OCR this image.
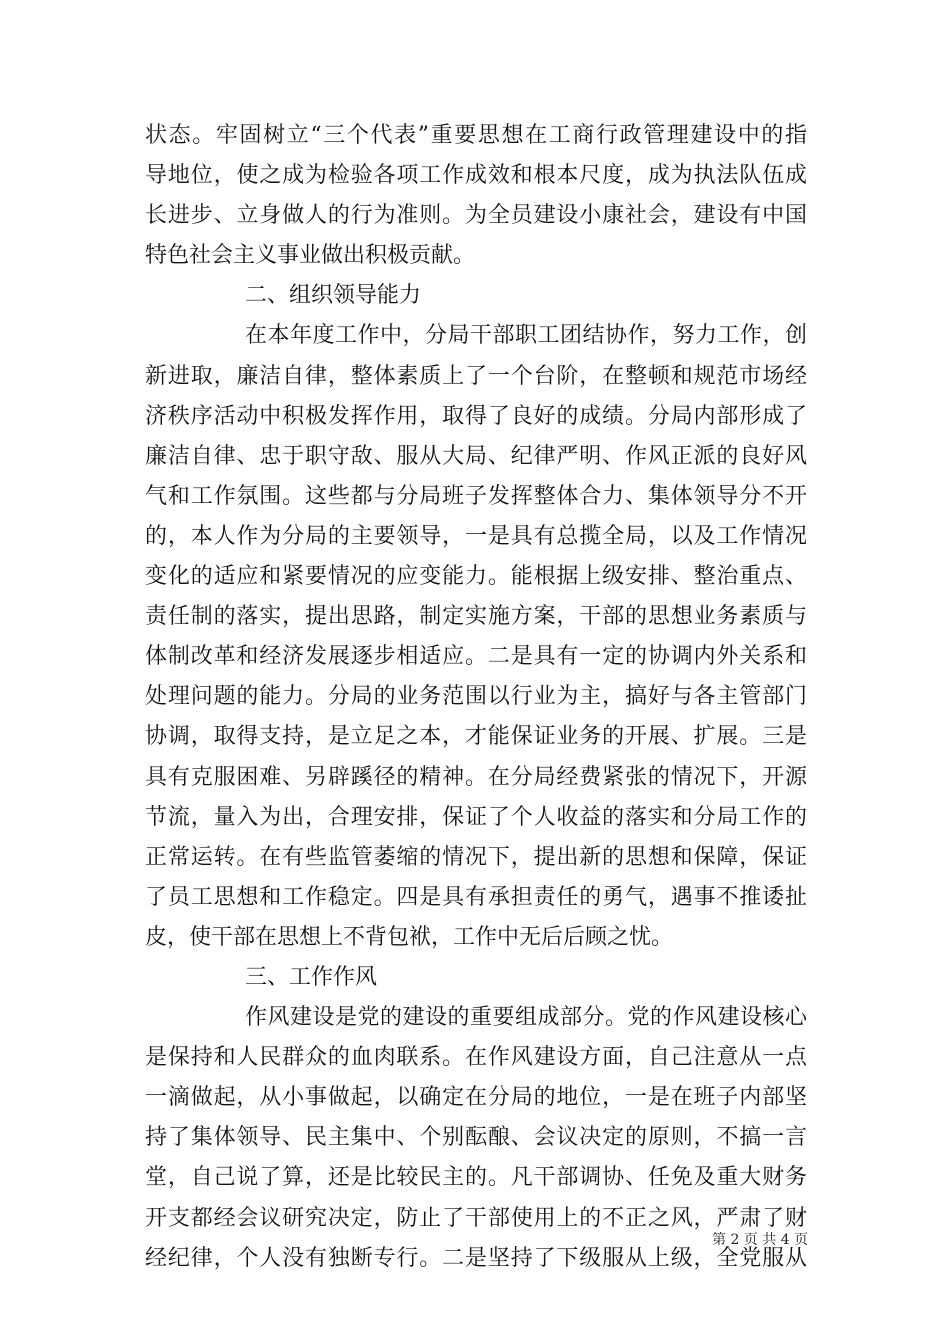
状态。牢固树立“三个代表”重要思想在工商行政管理建设中的指
导地位，使之成为检验各项工作成效和根本尺度，成为执法队伍成
长进步、立身做人的行为准则。为全员建设小康社会，建设有中国
特色社会主义事业做出积极贡献。
二、组织领导能力
在本年度工作中，分局干部职工团结协作，努力工作，创
新进取，廉洁自律，整体素质上了一个台阶，在整顿和规范市场经
济秩序活动中积极发挥作用，取得了良好的成绩。分局内部形成了
廉洁自律、忠于职守敌、服从大局、纪律严明、作风正派的良好风
气和工作氛围。这些都与分局班子发挥整体合力、集体领导分不开
的，本人作为分局的主要领导，一是具有总揽全局，以及工作情况
变化的适应和紧要情况的应变能力。能根据上级安排、整治重点、
责任制的落实，提出思路，制定实施方案，干部的思想业务素质与
体制改革和经济发展逐步相适应。二是具有一定的协调内外关系和
处理问题的能力。分局的业务范围以行业为主，搞好与各主管部门
协调，取得支持，是立足之本，才能保证业务的开展、扩展。三是
具有克服困难、另辟蹊径的精神。在分局经费紧张的情况下，开源
节流，量入为出，合理安排，保证了个人收益的落实和分局工作的
正常运转。在有些监管萎缩的情况下，提出新的思想和保障，保证
了员工思想和工作稳定。四是具有承担责任的勇气，遇事不推诿扯
皮，使干部在思想上不背包袱，工作中无后后顾之忧。
三、工作作风
作风建设是党的建设的重要组成部分。党的作风建设核心
是保持和人民群众的血肉联系。在作风建设方面，自己注意从一点
一滴做起，从小事做起，以确定在分局的地位，一是在班子内部坚
持了集体领导、民主集中、个别酝酿、会议决定的原则，不搞一言
堂，自己说了算，还是比较民主的。凡干部调协、任免及重大财务
开支都经会议研究决定，防止了干部使用上的不正之风，严肃了财
经纪律，个人没有独断专行。二是坚持了下级服从上级，全党服从
第 2 页 共 4 页
